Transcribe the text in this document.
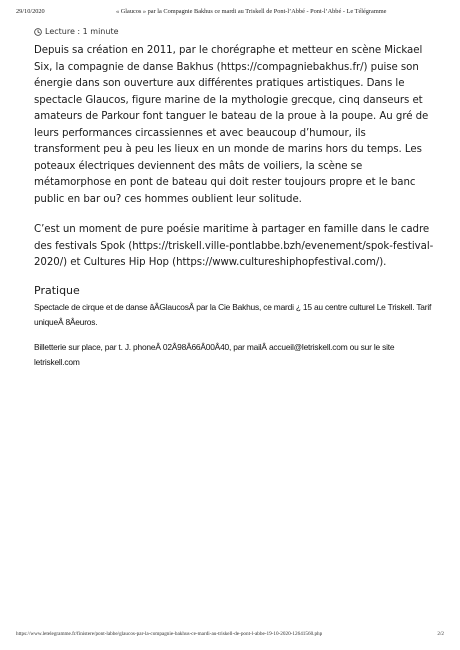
29/10/2020	« Glaucos » par la Compagnie Bakhus ce mardi au Triskell de Pont-l’Abbé - Pont-l’Abbé - Le Télégramme
Lecture : 1 minute

Depuis sa création en 2011, par le chorégraphe et metteur en scène Mickael Six, la compagnie de danse Bakhus (https://compagniebakhus.fr/) puise son énergie dans son ouverture aux différentes pratiques artistiques. Dans le spectacle Glaucos, figure marine de la mythologie grecque, cinq danseurs et amateurs de Parkour font tanguer le bateau de la proue à la poupe. Au gré de leurs performances circassiennes et avec beaucoup d’humour, ils transforment peu à peu les lieux en un monde de marins hors du temps. Les poteaux électriques deviennent des mâts de voiliers, la scène se métamorphose en pont de bateau qui doit rester toujours propre et le banc public en bar ou? ces hommes oublient leur solitude.

C’est un moment de pure poésie maritime à partager en famille dans le cadre des festivals Spok (https://triskell.ville-pontlabbe.bzh/evenement/spok-festival-2020/) et Cultures Hip Hop (https://www.cultureshiphopfestival.com/).

Pratique

Spectacle de cirque et de danse âÂGlaucosÂ par la Cie Bakhus, ce mardi ¿ 15 au centre culturel Le Triskell. Tarif uniqueÂ 8Âeuros.

Billetterie sur place, par t. J. phoneÂ 02Â98Â66Â00Â40, par mailÂ accueil@letriskell.com ou sur le site letriskell.com

https://www.letelegramme.fr/finistere/pont-labbe/glaucos-par-la-compagnie-bakhus-ce-mardi-au-triskell-de-pont-l-abbe-19-10-2020-12641560.php	2/2
